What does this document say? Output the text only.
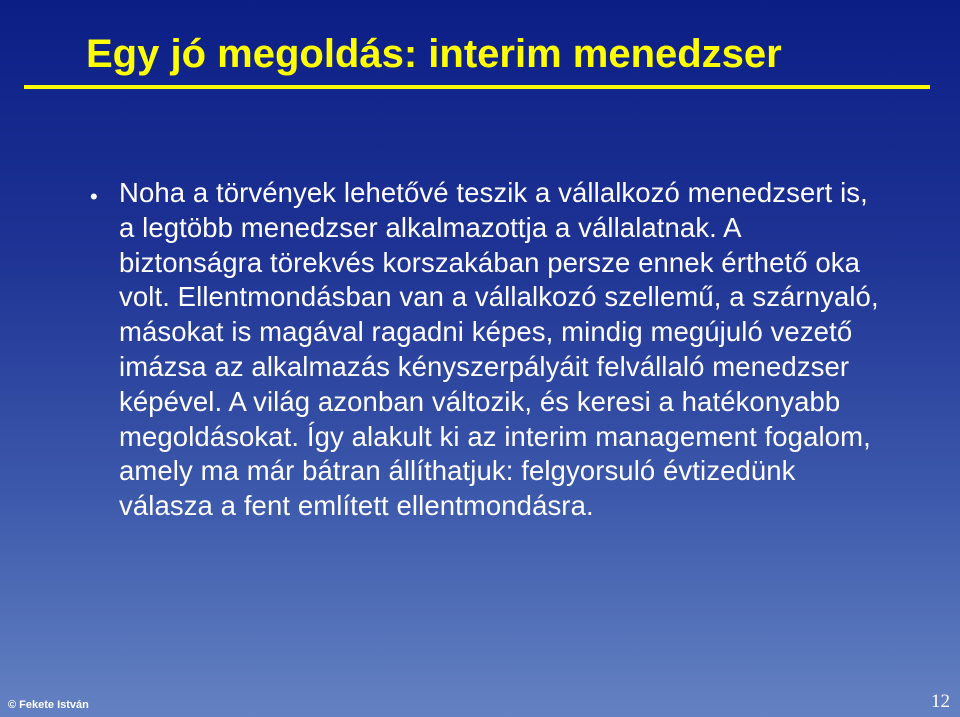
Egy jó megoldás: interim menedzser
• Noha a törvények lehetővé teszik a vállalkozó menedzsert is, a legtöbb menedzser alkalmazottja a vállalatnak. A biztonságra törekvés korszakában persze ennek érthető oka volt. Ellentmondásban van a vállalkozó szellemű, a szárnyaló, másokat is magával ragadni képes, mindig megújuló vezető imázsa az alkalmazás kényszerpályáit felvállaló menedzser képével. A világ azonban változik, és keresi a hatékonyabb megoldásokat. Így alakult ki az interim management fogalom, amely ma már bátran állíthatjuk: felgyorsuló évtizedünk válasza a fent említett ellentmondásra.

© Fekete István	12
